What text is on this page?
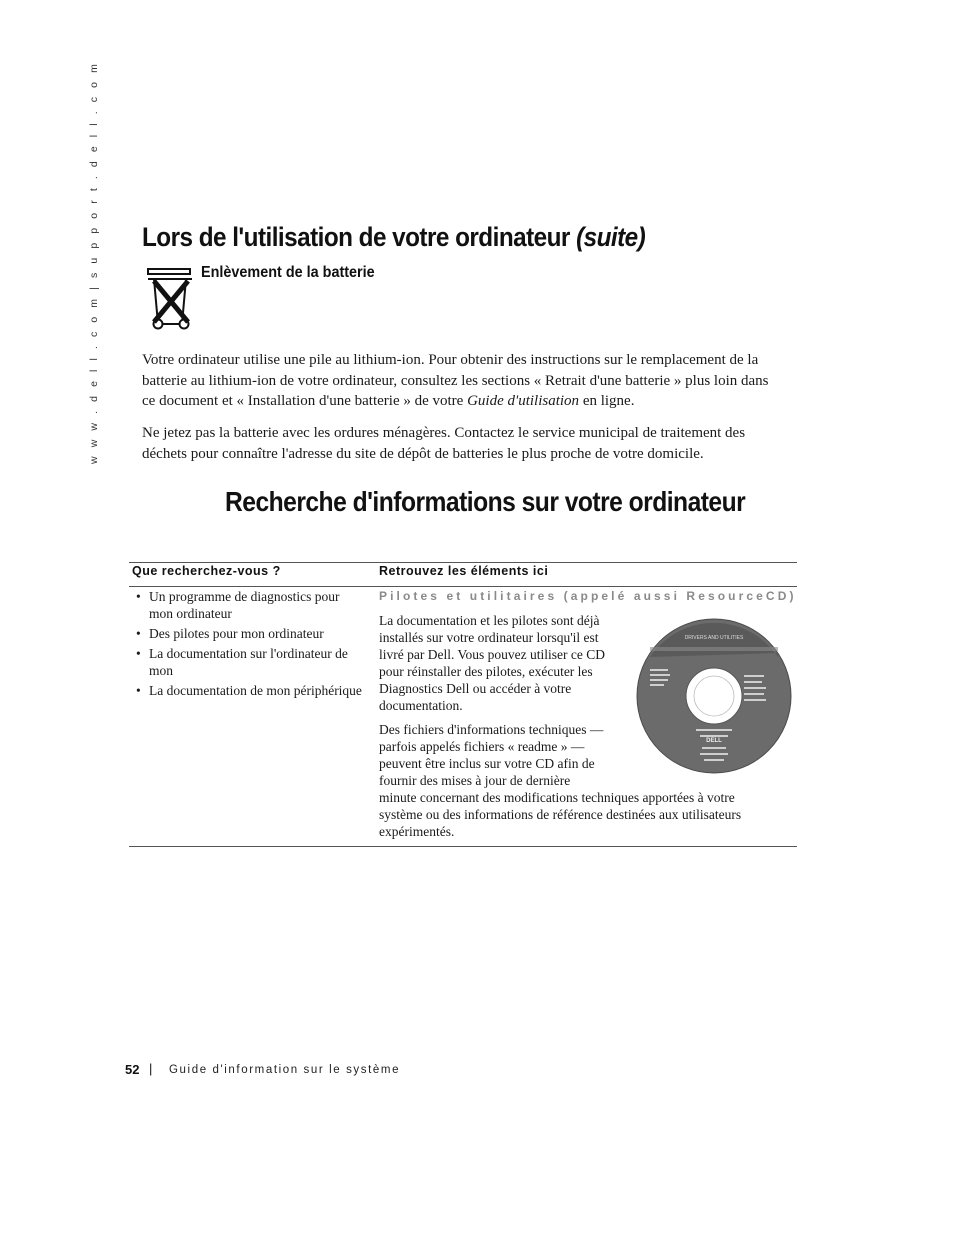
w w w . d e l l . c o m | s u p p o r t . d e l l . c o m Lors de l'utilisation de votre ordinateur (suite)
Enlèvement de la batterie

Votre ordinateur utilise une pile au lithium-ion. Pour obtenir des instructions sur le remplacement de la batterie au lithium-ion de votre ordinateur, consultez les sections « Retrait d'une batterie » plus loin dans ce document et « Installation d'une batterie » de votre Guide d'utilisation en ligne.

Ne jetez pas la batterie avec les ordures ménagères. Contactez le service municipal de traitement des déchets pour connaître l'adresse du site de dépôt de batteries le plus proche de votre domicile.

Recherche d'informations sur votre ordinateur
Que recherchez-vous ?	Retrouvez les éléments ici
• Un programme de diagnostics pour mon ordinateur
• Des pilotes pour mon ordinateur
• La documentation sur l'ordinateur de mon
• La documentation de mon périphérique
Pilotes et utilitaires (appelé aussi ResourceCD)

La documentation et les pilotes sont déjà installés sur votre ordinateur lorsqu'il est livré par Dell. Vous pouvez utiliser ce CD pour réinstaller des pilotes, exécuter les Diagnostics Dell ou accéder à votre documentation.

Des fichiers d'informations techniques — parfois appelés fichiers « readme » — peuvent être inclus sur votre CD afin de fournir des mises à jour de dernière
minute concernant des modifications techniques apportées à votre système ou des informations de référence destinées aux utilisateurs expérimentés.

DRIVERS AND UTILITIES
DELL
52 | Guide d'information sur le système
